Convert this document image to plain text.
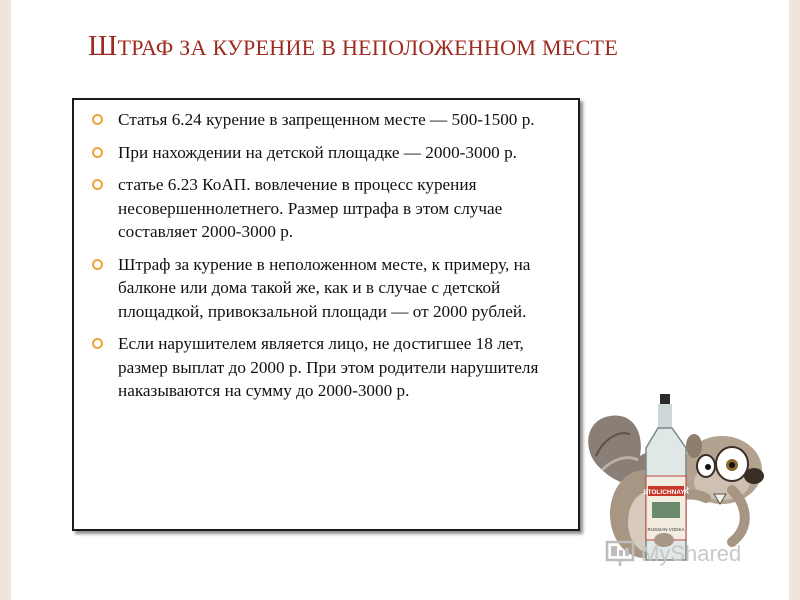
ШТРАФ ЗА КУРЕНИЕ В НЕПОЛОЖЕННОМ МЕСТЕ
Статья 6.24 курение в запрещенном месте — 500-1500 р.
При нахождении на детской площадке — 2000-3000 р.
статье 6.23 КоАП. вовлечение в процесс курения несовершеннолетнего. Размер штрафа в этом случае составляет 2000-3000 р.
Штраф за курение в неположенном месте, к примеру, на балконе или дома такой же, как и в случае с детской площадкой, привокзальной площади — от 2000 рублей.
Если нарушителем является лицо, не достигшее 18 лет, размер выплат до 2000 р. При этом родители нарушителя наказываются на сумму до 2000-3000 р.
STOLICHNAYA
RUSSIAN VODKA
MyShared
